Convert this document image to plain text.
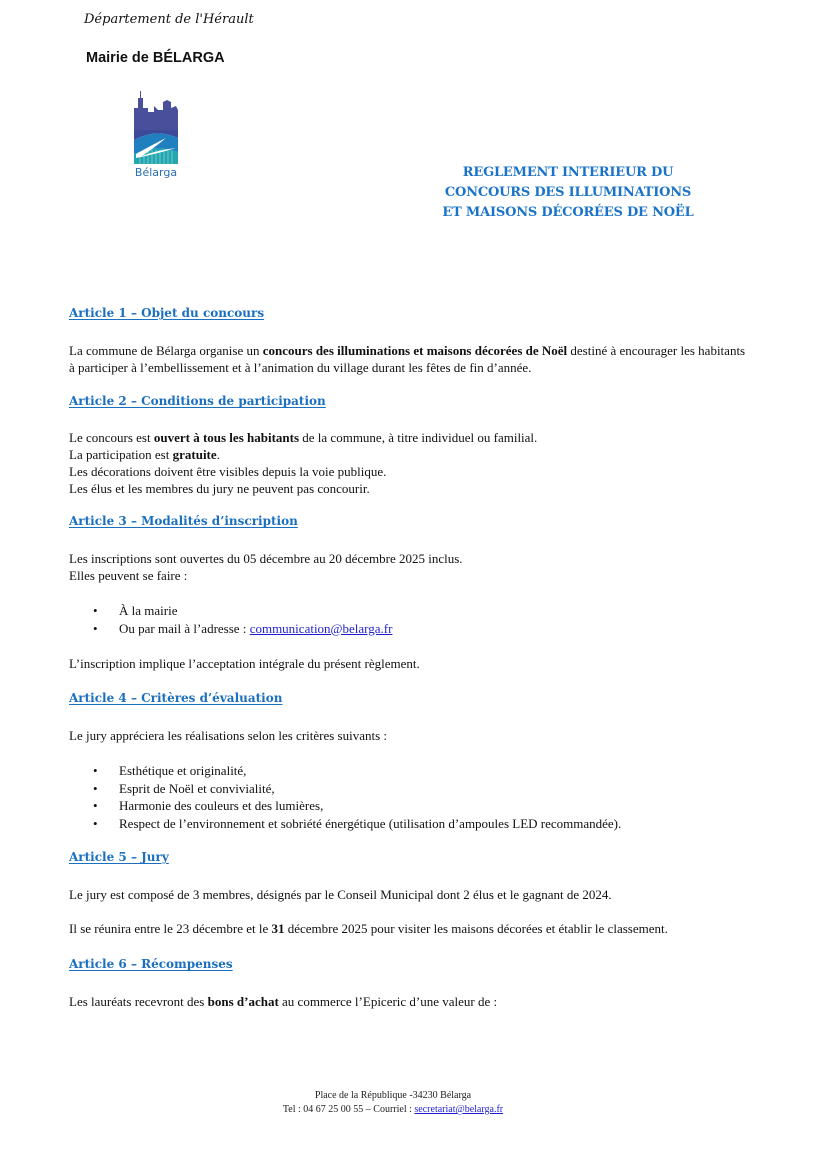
Département de l'Hérault
Mairie de BÉLARGA
Bélarga	REGLEMENT INTERIEUR DU
CONCOURS DES ILLUMINATIONS
ET MAISONS DÉCORÉES DE NOËL
Article 1 – Objet du concours
La commune de Bélarga organise un concours des illuminations et maisons décorées de Noël destiné à encourager les habitants à participer à l’embellissement et à l’animation du village durant les fêtes de fin d’année.
Article 2 – Conditions de participation
Le concours est ouvert à tous les habitants de la commune, à titre individuel ou familial.
La participation est gratuite.
Les décorations doivent être visibles depuis la voie publique.
Les élus et les membres du jury ne peuvent pas concourir.
Article 3 – Modalités d’inscription
Les inscriptions sont ouvertes du 05 décembre au 20 décembre 2025 inclus.
Elles peuvent se faire :
• À la mairie
• Ou par mail à l’adresse : communication@belarga.fr
L’inscription implique l’acceptation intégrale du présent règlement.
Article 4 – Critères d’évaluation
Le jury appréciera les réalisations selon les critères suivants :
• Esthétique et originalité,
• Esprit de Noël et convivialité,
• Harmonie des couleurs et des lumières,
• Respect de l’environnement et sobriété énergétique (utilisation d’ampoules LED recommandée).
Article 5 – Jury
Le jury est composé de 3 membres, désignés par le Conseil Municipal dont 2 élus et le gagnant de 2024.
Il se réunira entre le 23 décembre et le 31 décembre 2025 pour visiter les maisons décorées et établir le classement.
Article 6 – Récompenses
Les lauréats recevront des bons d’achat au commerce l’Epiceric d’une valeur de :
Place de la République -34230 Bélarga
Tel : 04 67 25 00 55 – Courriel : secretariat@belarga.fr
